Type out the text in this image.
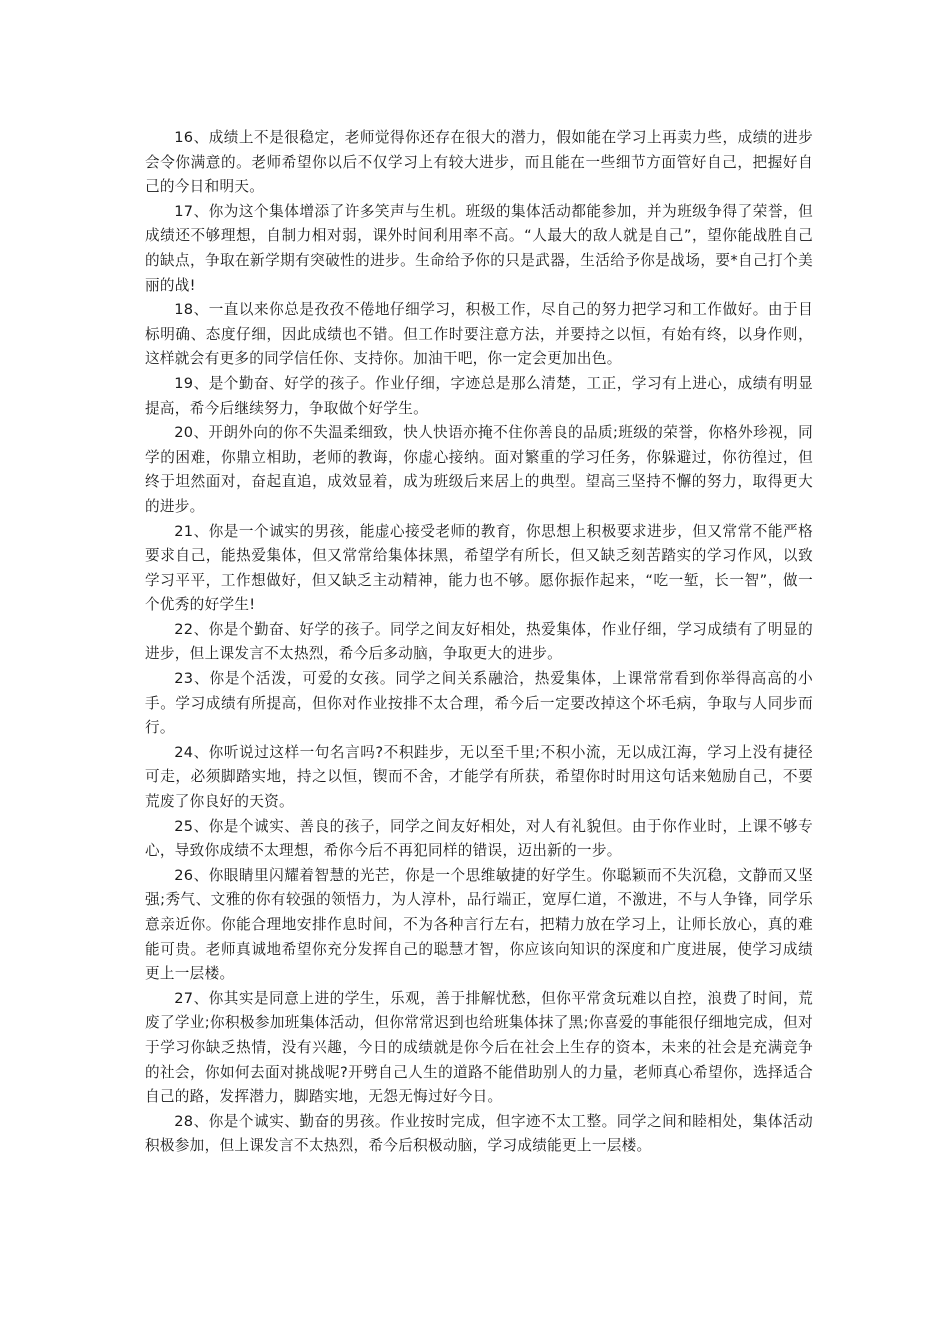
16、成绩上不是很稳定，老师觉得你还存在很大的潜力，假如能在学习上再卖力些，成绩的进步会令你满意的。老师希望你以后不仅学习上有较大进步，而且能在一些细节方面管好自己，把握好自己的今日和明天。

17、你为这个集体增添了许多笑声与生机。班级的集体活动都能参加，并为班级争得了荣誉，但成绩还不够理想，自制力相对弱，课外时间利用率不高。“人最大的敌人就是自己”，望你能战胜自己的缺点，争取在新学期有突破性的进步。生命给予你的只是武器，生活给予你是战场，要*自己打个美丽的战!

18、一直以来你总是孜孜不倦地仔细学习，积极工作，尽自己的努力把学习和工作做好。由于目标明确、态度仔细，因此成绩也不错。但工作时要注意方法，并要持之以恒，有始有终，以身作则，这样就会有更多的同学信任你、支持你。加油干吧，你一定会更加出色。

19、是个勤奋、好学的孩子。作业仔细，字迹总是那么清楚，工正，学习有上进心，成绩有明显提高，希今后继续努力，争取做个好学生。

20、开朗外向的你不失温柔细致，快人快语亦掩不住你善良的品质;班级的荣誉，你格外珍视，同学的困难，你鼎立相助，老师的教诲，你虚心接纳。面对繁重的学习任务，你躲避过，你彷徨过，但终于坦然面对，奋起直追，成效显着，成为班级后来居上的典型。望高三坚持不懈的努力，取得更大的进步。

21、你是一个诚实的男孩，能虚心接受老师的教育，你思想上积极要求进步，但又常常不能严格要求自己，能热爱集体，但又常常给集体抹黑，希望学有所长，但又缺乏刻苦踏实的学习作风，以致学习平平，工作想做好，但又缺乏主动精神，能力也不够。愿你振作起来，“吃一堑，长一智”，做一个优秀的好学生!

22、你是个勤奋、好学的孩子。同学之间友好相处，热爱集体，作业仔细，学习成绩有了明显的进步，但上课发言不太热烈，希今后多动脑，争取更大的进步。

23、你是个活泼，可爱的女孩。同学之间关系融洽，热爱集体，上课常常看到你举得高高的小手。学习成绩有所提高，但你对作业按排不太合理，希今后一定要改掉这个坏毛病，争取与人同步而行。

24、你听说过这样一句名言吗?不积跬步，无以至千里;不积小流，无以成江海，学习上没有捷径可走，必须脚踏实地，持之以恒，锲而不舍，才能学有所获，希望你时时用这句话来勉励自己，不要荒废了你良好的天资。

25、你是个诚实、善良的孩子，同学之间友好相处，对人有礼貌但。由于你作业时，上课不够专心，导致你成绩不太理想，希你今后不再犯同样的错误，迈出新的一步。

26、你眼睛里闪耀着智慧的光芒，你是一个思维敏捷的好学生。你聪颖而不失沉稳，文静而又坚强;秀气、文雅的你有较强的领悟力，为人淳朴，品行端正，宽厚仁道，不激进，不与人争锋，同学乐意亲近你。你能合理地安排作息时间，不为各种言行左右，把精力放在学习上，让师长放心，真的难能可贵。老师真诚地希望你充分发挥自己的聪慧才智，你应该向知识的深度和广度进展，使学习成绩更上一层楼。

27、你其实是同意上进的学生，乐观，善于排解忧愁，但你平常贪玩难以自控，浪费了时间，荒废了学业;你积极参加班集体活动，但你常常迟到也给班集体抹了黑;你喜爱的事能很仔细地完成，但对于学习你缺乏热情，没有兴趣，今日的成绩就是你今后在社会上生存的资本，未来的社会是充满竞争的社会，你如何去面对挑战呢?开劈自己人生的道路不能借助别人的力量，老师真心希望你，选择适合自己的路，发挥潜力，脚踏实地，无怨无悔过好今日。

28、你是个诚实、勤奋的男孩。作业按时完成，但字迹不太工整。同学之间和睦相处，集体活动积极参加，但上课发言不太热烈，希今后积极动脑，学习成绩能更上一层楼。
